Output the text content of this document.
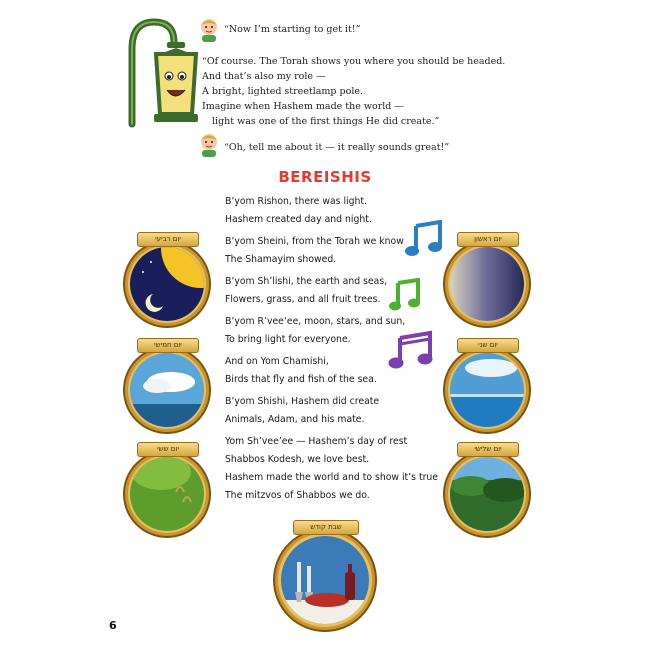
“Now I’m starting to get it!”
“Of course. The Torah shows you where you should be headed.
And that’s also my role —
A bright, lighted streetlamp pole.
Imagine when Hashem made the world —
light was one of the first things He did create.”
“Oh, tell me about it — it really sounds great!”
BEREISHIS
B’yom Rishon, there was light.
Hashem created day and night.
B’yom Sheini, from the Torah we know
The Shamayim showed.
B’yom Sh’lishi, the earth and seas,
Flowers, grass, and all fruit trees.
B’yom R’vee’ee, moon, stars, and sun,
To bring light for everyone.
And on Yom Chamishi,
Birds that fly and fish of the sea.
B’yom Shishi, Hashem did create
Animals, Adam, and his mate.
Yom Sh’vee’ee — Hashem’s day of rest
Shabbos Kodesh, we love best.
Hashem made the world and to show it’s true
The mitzvos of Shabbos we do.
יום רביעי
יום חמישי
יום ששי
יום ראשון
יום שני
יום שלישי
שבת קודש
6
